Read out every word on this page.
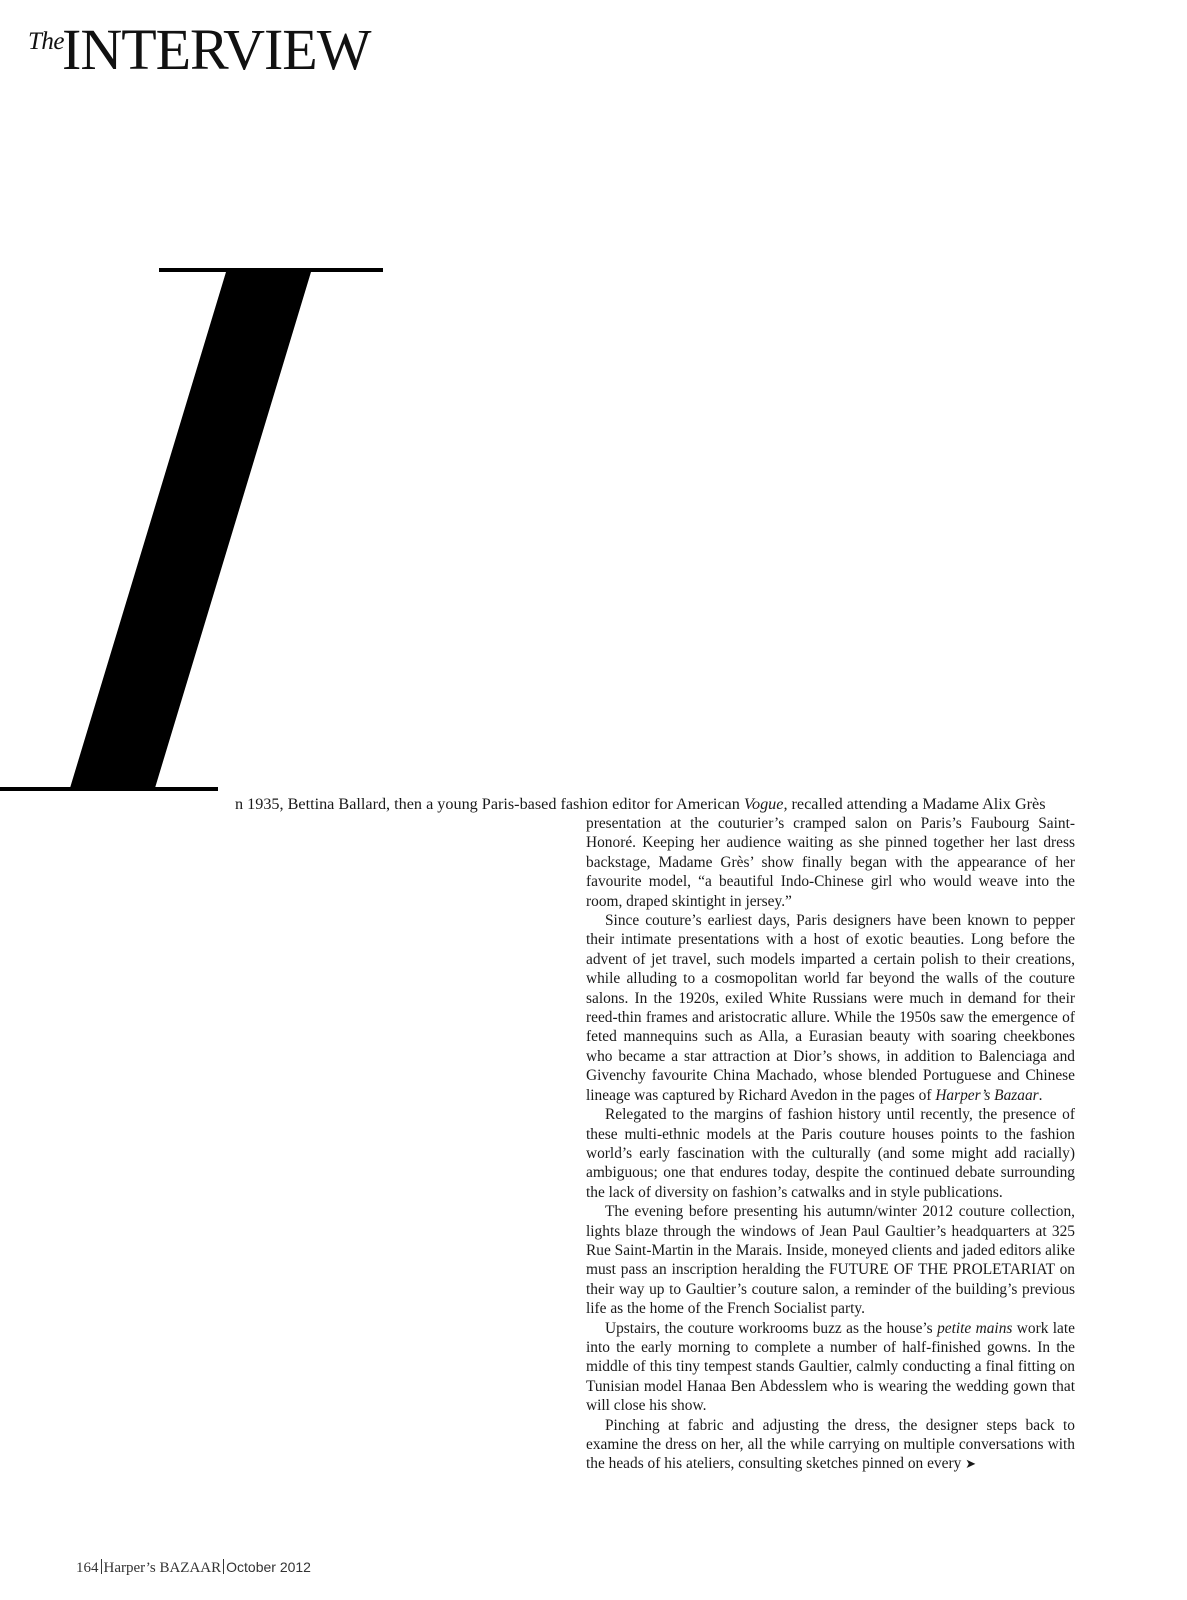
The
INTERVIEW
n 1935, Bettina Ballard, then a young Paris-based fashion editor for American Vogue, recalled attending a Madame Alix Grès

presentation at the couturier’s cramped salon on Paris’s Faubourg Saint-Honoré. Keeping her audience waiting as she pinned together her last dress backstage, Madame Grès’ show finally began with the appearance of her favourite model, “a beautiful Indo-Chinese girl who would weave into the room, draped skintight in jersey.”

Since couture’s earliest days, Paris designers have been known to pepper their intimate presentations with a host of exotic beauties. Long before the advent of jet travel, such models imparted a certain polish to their creations, while alluding to a cosmopolitan world far beyond the walls of the couture salons. In the 1920s, exiled White Russians were much in demand for their reed-thin frames and aristocratic allure. While the 1950s saw the emergence of feted mannequins such as Alla, a Eurasian beauty with soaring cheekbones who became a star attraction at Dior’s shows, in addition to Balenciaga and Givenchy favourite China Machado, whose blended Portuguese and Chinese lineage was captured by Richard Avedon in the pages of Harper’s Bazaar.

Relegated to the margins of fashion history until recently, the presence of these multi-ethnic models at the Paris couture houses points to the fashion world’s early fascination with the culturally (and some might add racially) ambiguous; one that endures today, despite the continued debate surrounding the lack of diversity on fashion’s catwalks and in style publications.

The evening before presenting his autumn/winter 2012 couture collection, lights blaze through the windows of Jean Paul Gaultier’s headquarters at 325 Rue Saint-Martin in the Marais. Inside, moneyed clients and jaded editors alike must pass an inscription heralding the FUTURE OF THE PROLETARIAT on their way up to Gaultier’s couture salon, a reminder of the building’s previous life as the home of the French Socialist party.

Upstairs, the couture workrooms buzz as the house’s petite mains work late into the early morning to complete a number of half-finished gowns. In the middle of this tiny tempest stands Gaultier, calmly conducting a final fitting on Tunisian model Hanaa Ben Abdesslem who is wearing the wedding gown that will close his show.

Pinching at fabric and adjusting the dress, the designer steps back to examine the dress on her, all the while carrying on multiple conversations with the heads of his ateliers, consulting sketches pinned on every ➤

164 Harper’s BAZAAR October 2012
